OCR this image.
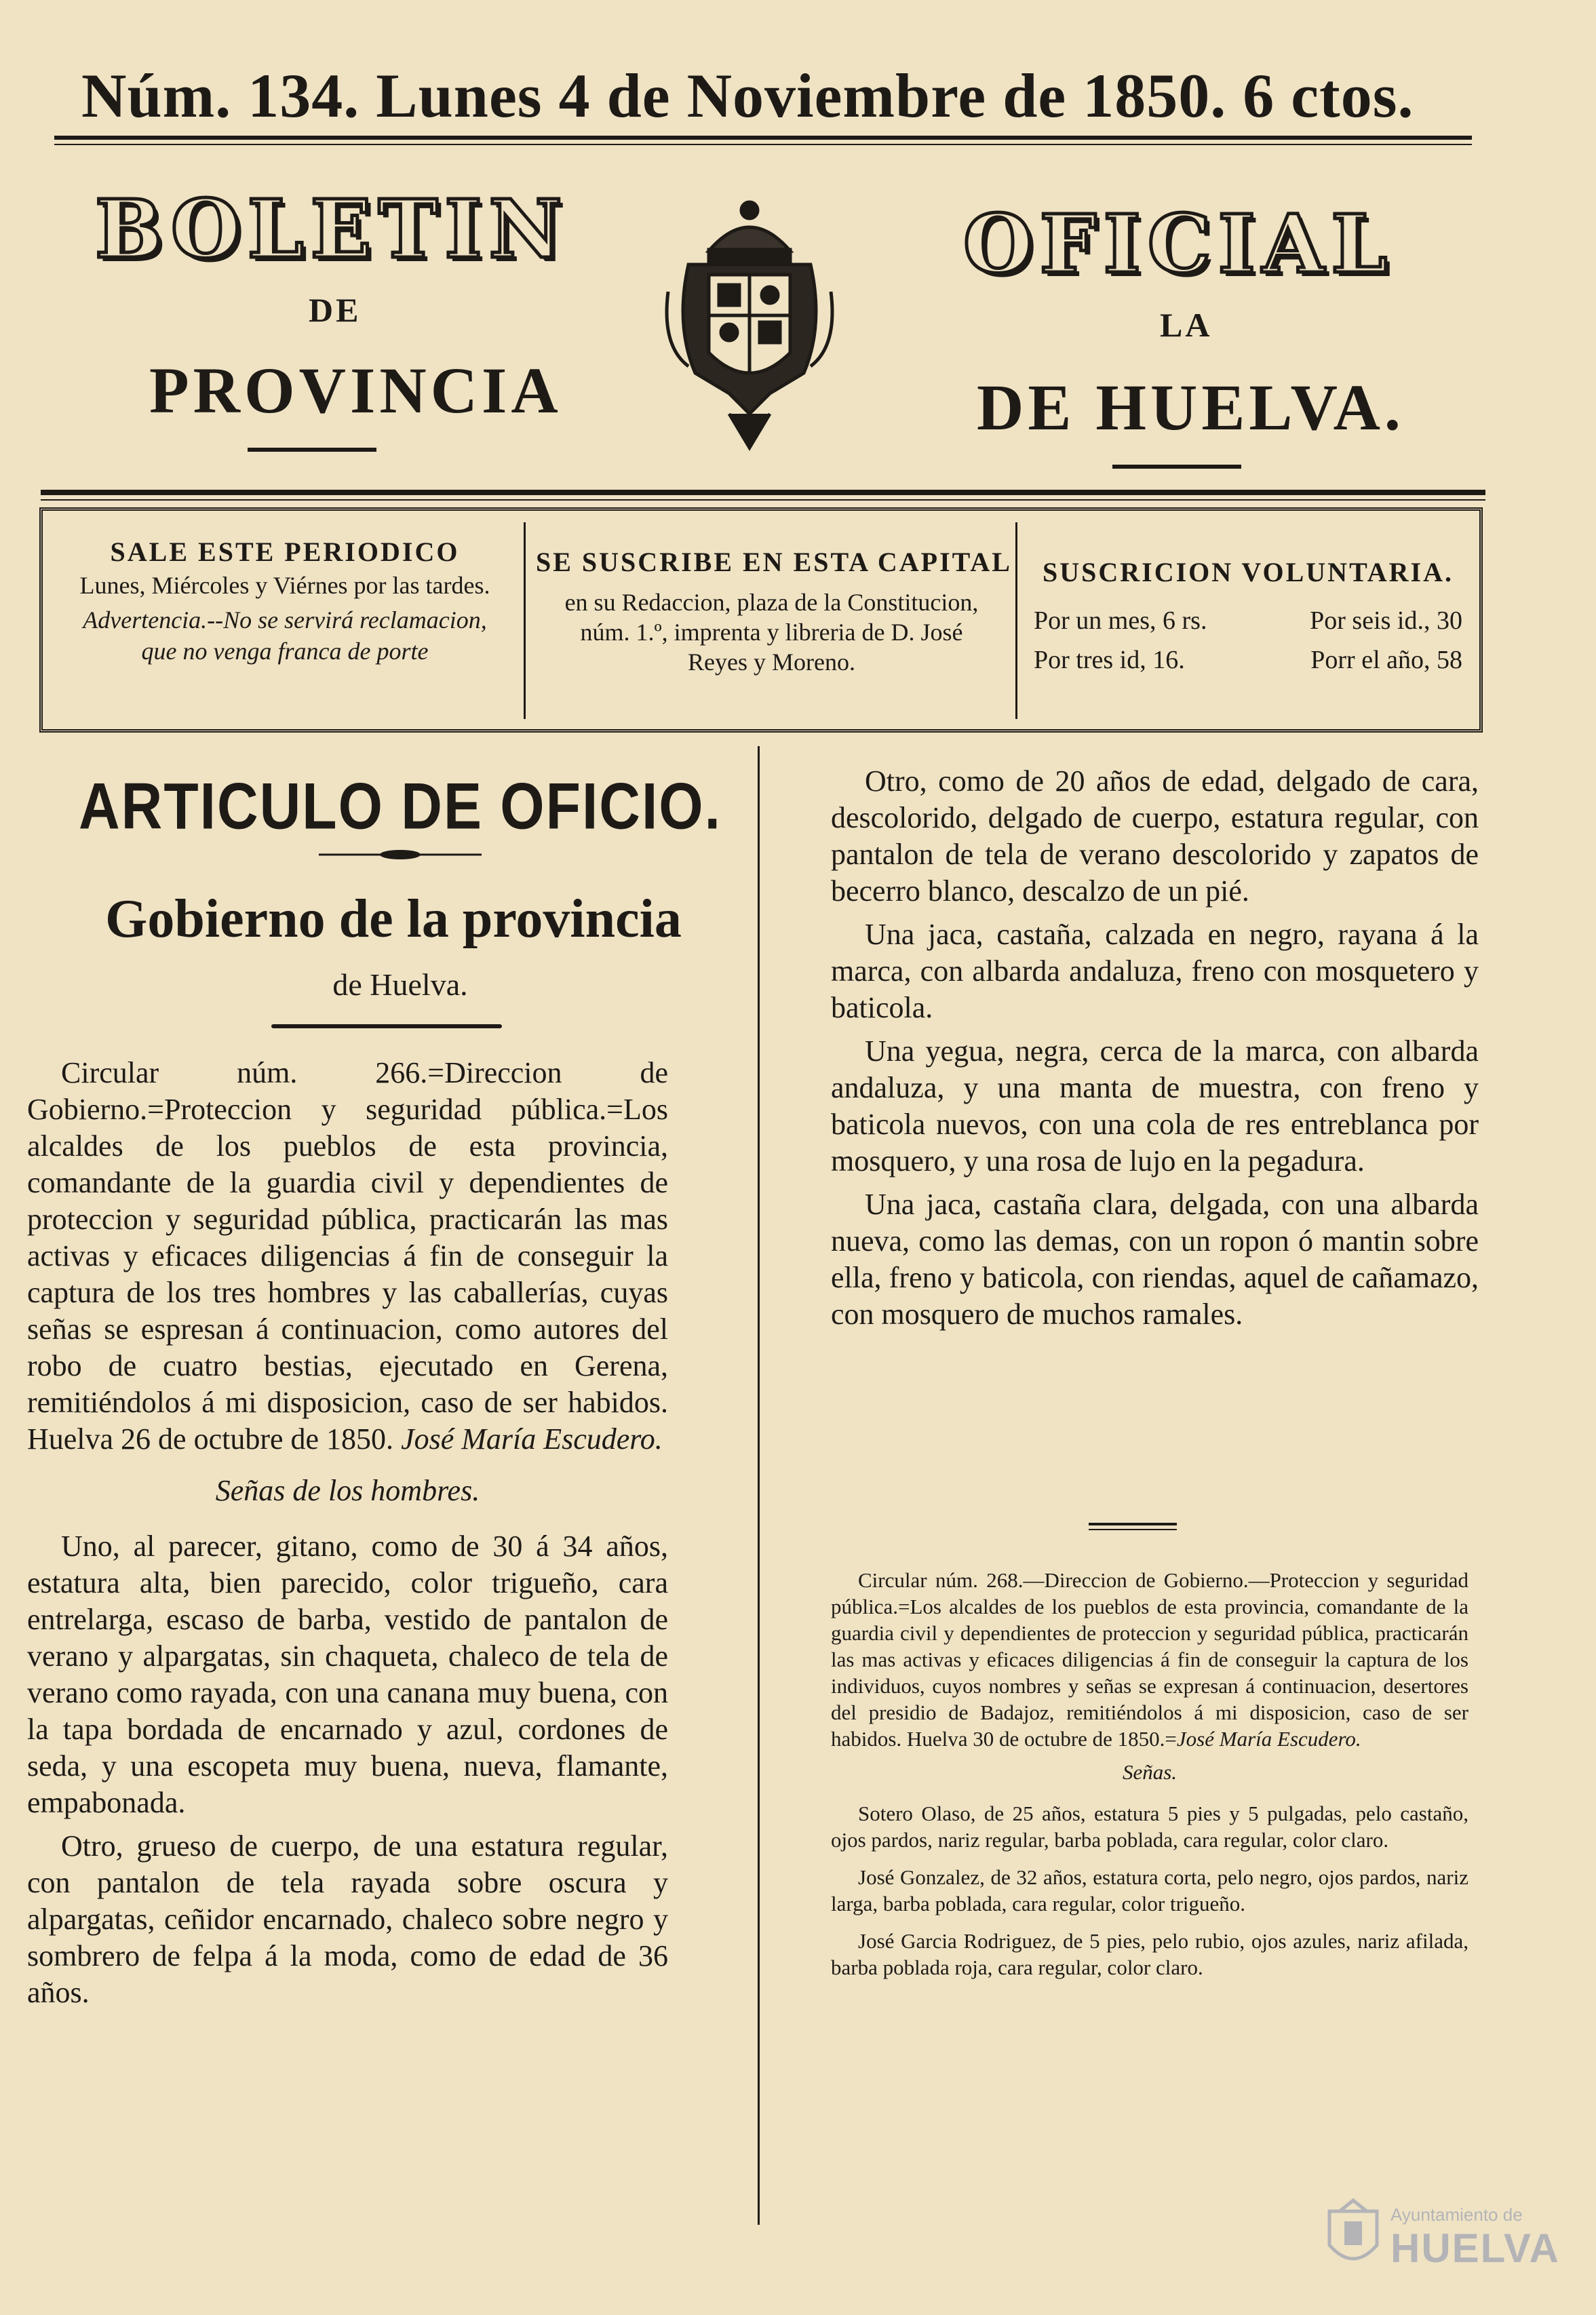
Núm. 134. Lunes 4 de Noviembre de 1850. 6 ctos.
BOLETIN	OFICIAL
DE	LA
PROVINCIA	DE HUELVA.
SALE ESTE PERIODICO
Lunes, Miércoles y Viérnes por las tardes.
Advertencia.--No se servirá reclamacion, que no venga franca de porte
SE SUSCRIBE EN ESTA CAPITAL
en su Redaccion, plaza de la Constitucion, núm. 1.º, imprenta y libreria de D. José Reyes y Moreno.
SUSCRICION VOLUNTARIA.
Por un mes, 6 rs.	Por seis id., 30
Por tres id, 16.	Porr el año, 58
ARTICULO DE OFICIO.
Gobierno de la provincia
de Huelva.

Circular núm. 266.=Direccion de Gobierno.=Proteccion y seguridad pública.=Los alcaldes de los pueblos de esta provincia, comandante de la guardia civil y dependientes de proteccion y seguridad pública, practicarán las mas activas y eficaces diligencias á fin de conseguir la captura de los tres hombres y las caballerías, cuyas señas se espresan á continuacion, como autores del robo de cuatro bestias, ejecutado en Gerena, remitiéndolos á mi disposicion, caso de ser habidos. Huelva 26 de octubre de 1850. José María Escudero.

Señas de los hombres.

Uno, al parecer, gitano, como de 30 á 34 años, estatura alta, bien parecido, color trigueño, cara entrelarga, escaso de barba, vestido de pantalon de verano y alpargatas, sin chaqueta, chaleco de tela de verano como rayada, con una canana muy buena, con la tapa bordada de encarnado y azul, cordones de seda, y una escopeta muy buena, nueva, flamante, empabonada.

Otro, grueso de cuerpo, de una estatura regular, con pantalon de tela rayada sobre oscura y alpargatas, ceñidor encarnado, chaleco sobre negro y sombrero de felpa á la moda, como de edad de 36 años.

Otro, como de 20 años de edad, delgado de cara, descolorido, delgado de cuerpo, estatura regular, con pantalon de tela de verano descolorido y zapatos de becerro blanco, descalzo de un pié.

Una jaca, castaña, calzada en negro, rayana á la marca, con albarda andaluza, freno con mosquetero y baticola.

Una yegua, negra, cerca de la marca, con albarda andaluza, y una manta de muestra, con freno y baticola nuevos, con una cola de res entreblanca por mosquero, y una rosa de lujo en la pegadura.

Una jaca, castaña clara, delgada, con una albarda nueva, como las demas, con un ropon ó mantin sobre ella, freno y baticola, con riendas, aquel de cañamazo, con mosquero de muchos ramales.

Circular núm. 268.—Direccion de Gobierno.—Proteccion y seguridad pública.=Los alcaldes de los pueblos de esta provincia, comandante de la guardia civil y dependientes de proteccion y seguridad pública, practicarán las mas activas y eficaces diligencias á fin de conseguir la captura de los individuos, cuyos nombres y señas se expresan á continuacion, desertores del presidio de Badajoz, remitiéndolos á mi disposicion, caso de ser habidos. Huelva 30 de octubre de 1850.=José María Escudero.

Señas.

Sotero Olaso, de 25 años, estatura 5 pies y 5 pulgadas, pelo castaño, ojos pardos, nariz regular, barba poblada, cara regular, color claro.

José Gonzalez, de 32 años, estatura corta, pelo negro, ojos pardos, nariz larga, barba poblada, cara regular, color trigueño.

José Garcia Rodriguez, de 5 pies, pelo rubio, ojos azules, nariz afilada, barba poblada roja, cara regular, color claro.

Ayuntamiento de
HUELVA
